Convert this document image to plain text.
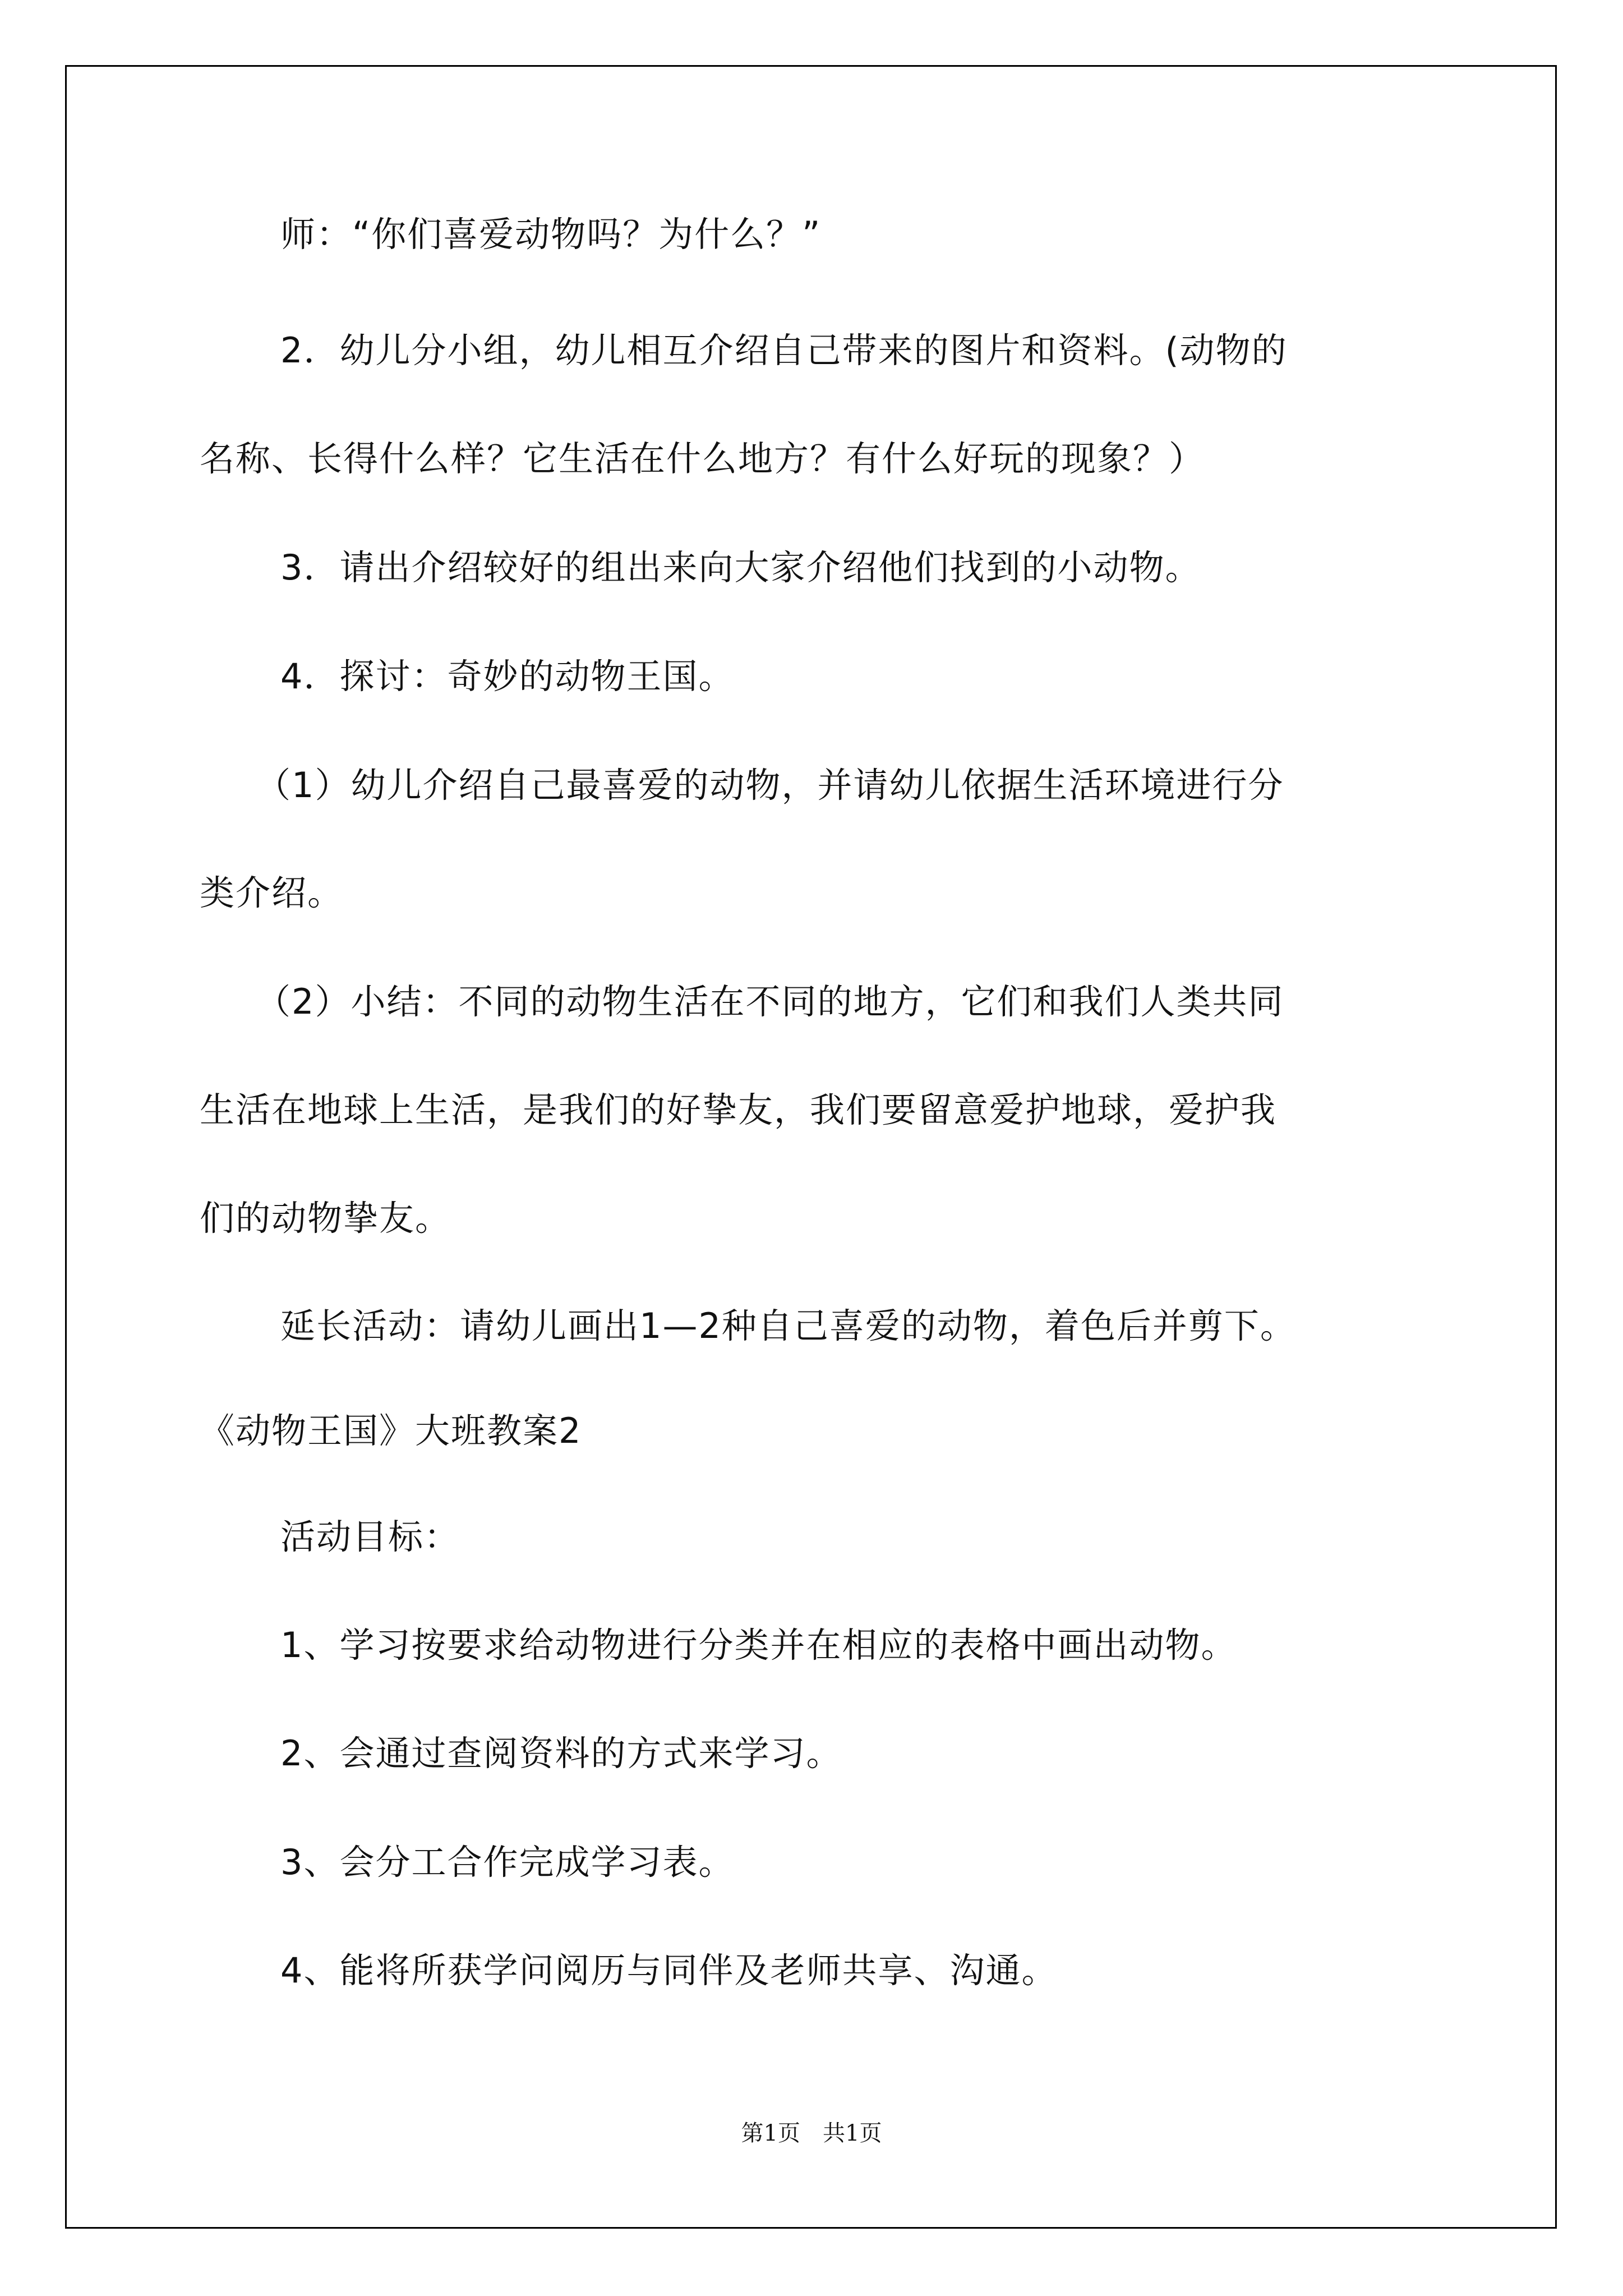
师：“你们喜爱动物吗？为什么？”
2．幼儿分小组，幼儿相互介绍自己带来的图片和资料。(动物的
名称、长得什么样？它生活在什么地方？有什么好玩的现象？）
3．请出介绍较好的组出来向大家介绍他们找到的小动物。
4．探讨：奇妙的动物王国。
（1）幼儿介绍自己最喜爱的动物，并请幼儿依据生活环境进行分
类介绍。
（2）小结：不同的动物生活在不同的地方，它们和我们人类共同
生活在地球上生活，是我们的好挚友，我们要留意爱护地球，爱护我
们的动物挚友。
延长活动：请幼儿画出1—2种自己喜爱的动物，着色后并剪下。
《动物王国》大班教案2
活动目标：
1、学习按要求给动物进行分类并在相应的表格中画出动物。
2、会通过查阅资料的方式来学习。
3、会分工合作完成学习表。
4、能将所获学问阅历与同伴及老师共享、沟通。
第1页　共1页
